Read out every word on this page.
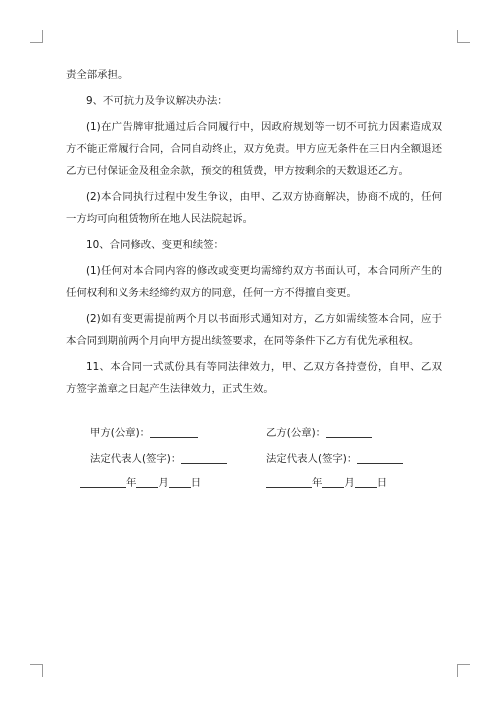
责全部承担。

9、不可抗力及争议解决办法：

(1)在广告牌审批通过后合同履行中，因政府规划等一切不可抗力因素造成双方不能正常履行合同，合同自动终止，双方免责。甲方应无条件在三日内全额退还乙方已付保证金及租金余款，预交的租赁费，甲方按剩余的天数退还乙方。

(2)本合同执行过程中发生争议，由甲、乙双方协商解决，协商不成的，任何一方均可向租赁物所在地人民法院起诉。

10、合同修改、变更和续签：

(1)任何对本合同内容的修改或变更均需缔约双方书面认可，本合同所产生的任何权利和义务未经缔约双方的同意，任何一方不得擅自变更。

(2)如有变更需提前两个月以书面形式通知对方，乙方如需续签本合同，应于本合同到期前两个月向甲方提出续签要求，在同等条件下乙方有优先承租权。

11、本合同一式贰份具有等同法律效力，甲、乙双方各持壹份，自甲、乙双方签字盖章之日起产生法律效力，正式生效。

甲方(公章)：	乙方(公章)：
法定代表人(签字)：	法定代表人(签字)：
年 月 日	年 月 日
